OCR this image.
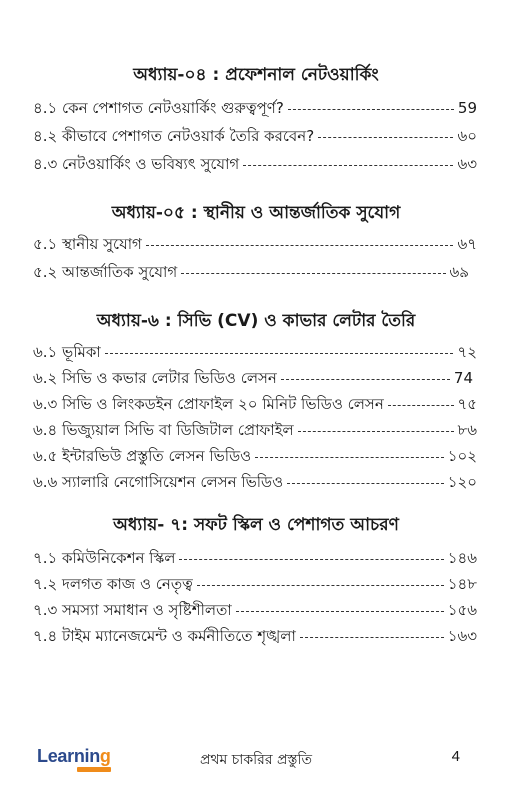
অধ্যায়-০৪ : প্রফেশনাল নেটওয়ার্কিং
৪.১ কেন পেশাগত নেটওয়ার্কিং গুরুত্বপূর্ণ?	59
৪.২ কীভাবে পেশাগত নেটওয়ার্ক তৈরি করবেন?	৬০
৪.৩ নেটওয়ার্কিং ও ভবিষ্যৎ সুযোগ	৬৩
অধ্যায়-০৫ : স্থানীয় ও আন্তর্জাতিক সুযোগ
৫.১ স্থানীয় সুযোগ	৬৭
৫.২ আন্তর্জাতিক সুযোগ	৬৯
অধ্যায়-৬ : সিভি (CV) ও কাভার লেটার তৈরি
৬.১ ভূমিকা	৭২
৬.২ সিভি ও কভার লেটার ভিডিও লেসন	74
৬.৩ সিভি ও লিংকডইন প্রোফাইল ২০ মিনিট ভিডিও লেসন	৭৫
৬.৪ ভিজ্যুয়াল সিভি বা ডিজিটাল প্রোফাইল	৮৬
৬.৫ ইন্টারভিউ প্রস্তুতি লেসন ভিডিও	১০২
৬.৬ স্যালারি নেগোসিয়েশন লেসন ভিডিও	১২০
অধ্যায়- ৭: সফট স্কিল ও পেশাগত আচরণ
৭.১ কমিউনিকেশন স্কিল	১৪৬
৭.২ দলগত কাজ ও নেতৃত্ব	১৪৮
৭.৩ সমস্যা সমাধান ও সৃষ্টিশীলতা	১৫৬
৭.৪ টাইম ম্যানেজমেন্ট ও কর্মনীতিতে শৃঙ্খলা	১৬৩
Learning	প্রথম চাকরির প্রস্তুতি	4
